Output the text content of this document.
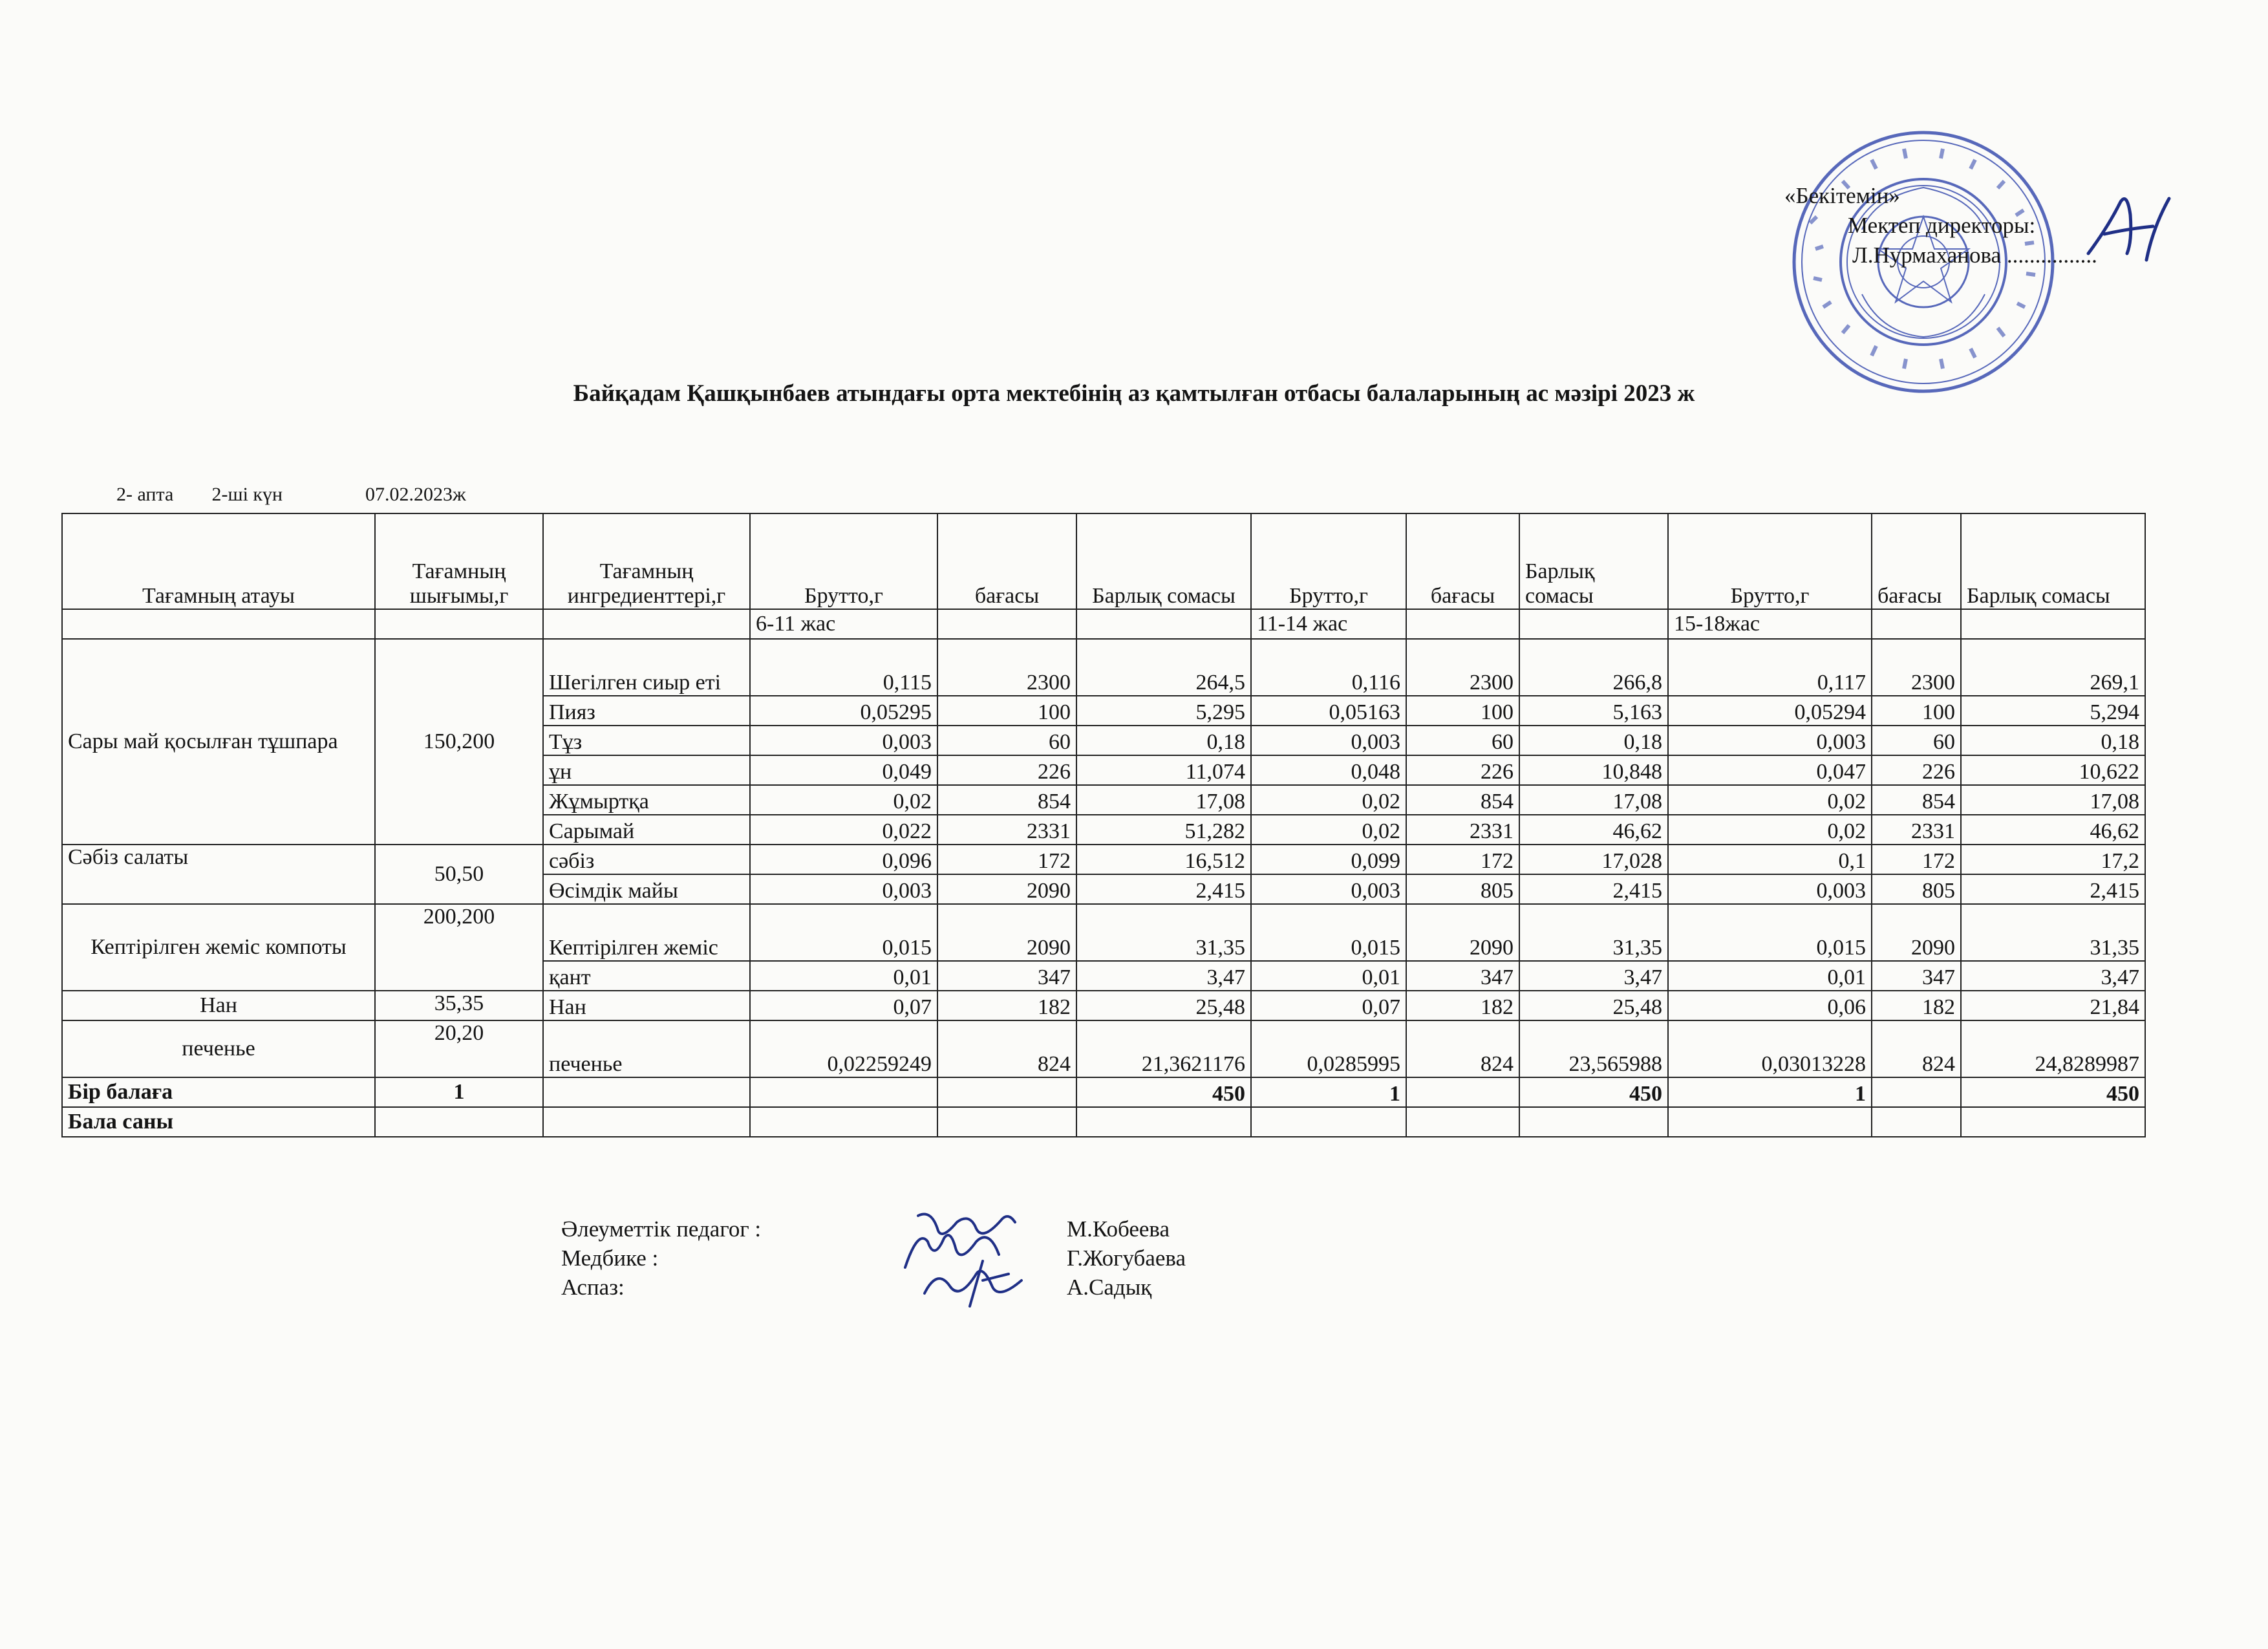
«Бекітемін»
Мектеп директоры:
Л.Нурмаханова ................
Байқадам Қашқынбаев атындағы орта мектебінің аз қамтылған отбасы балаларының ас мәзірі 2023 ж
2- апта 2-ші күн	07.02.2023ж
Тағамның атауы	Тағамның шығымы,г	Тағамның ингредиенттері,г	Брутто,г	бағасы	Барлық сомасы	Брутто,г	бағасы	Барлық сомасы	Брутто,г	бағасы	Барлық сомасы
			6-11 жас			11-14 жас			15-18жас		
Сары май қосылған тұшпара	150,200	Шегілген сиыр еті	0,115	2300	264,5	0,116	2300	266,8	0,117	2300	269,1
		Пияз	0,05295	100	5,295	0,05163	100	5,163	0,05294	100	5,294
		Тұз	0,003	60	0,18	0,003	60	0,18	0,003	60	0,18
		ұн	0,049	226	11,074	0,048	226	10,848	0,047	226	10,622
		Жұмыртқа	0,02	854	17,08	0,02	854	17,08	0,02	854	17,08
		Сарымай	0,022	2331	51,282	0,02	2331	46,62	0,02	2331	46,62
Сәбіз салаты	50,50	сәбіз	0,096	172	16,512	0,099	172	17,028	0,1	172	17,2
		Өсімдік майы	0,003	2090	2,415	0,003	805	2,415	0,003	805	2,415
Кептірілген жеміс компоты	200,200	Кептірілген жеміс	0,015	2090	31,35	0,015	2090	31,35	0,015	2090	31,35
		қант	0,01	347	3,47	0,01	347	3,47	0,01	347	3,47
Нан	35,35	Нан	0,07	182	25,48	0,07	182	25,48	0,06	182	21,84
печенье	20,20	печенье	0,02259249	824	21,3621176	0,0285995	824	23,565988	0,03013228	824	24,8289987
Бір балаға	1				450	1		450	1		450
Бала саны											
Әлеуметтік педагог :
Медбике :
Аспаз:
М.Кобеева
Г.Жогубаева
А.Садық
